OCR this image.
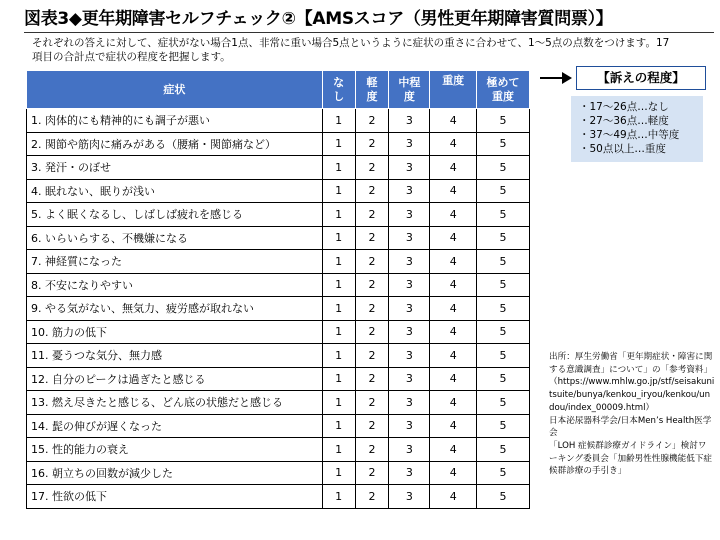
図表3◆更年期障害セルフチェック②【AMSスコア（男性更年期障害質問票）】
それぞれの答えに対して、症状がない場合1点、非常に重い場合5点というように症状の重さに合わせて、1〜5点の点数をつけます。17項目の合計点で症状の程度を把握します。
症状	なし	軽度	中程度	重度	極めて重度

1. 肉体的にも精神的にも調子が悪い	1	2	3	4	5
2. 関節や筋肉に痛みがある（腰痛・関節痛など）	1	2	3	4	5
3. 発汗・のぼせ	1	2	3	4	5
4. 眠れない、眠りが浅い	1	2	3	4	5
5. よく眠くなるし、しばしば疲れを感じる	1	2	3	4	5
6. いらいらする、不機嫌になる	1	2	3	4	5
7. 神経質になった	1	2	3	4	5
8. 不安になりやすい	1	2	3	4	5
9. やる気がない、無気力、疲労感が取れない	1	2	3	4	5
10. 筋力の低下	1	2	3	4	5
11. 憂うつな気分、無力感	1	2	3	4	5
12. 自分のピークは過ぎたと感じる	1	2	3	4	5
13. 燃え尽きたと感じる、どん底の状態だと感じる	1	2	3	4	5
14. 髭の伸びが遅くなった	1	2	3	4	5
15. 性的能力の衰え	1	2	3	4	5
16. 朝立ちの回数が減少した	1	2	3	4	5
17. 性欲の低下	1	2	3	4	5
【訴えの程度】
・17〜26点…なし
・27〜36点…軽度
・37〜49点…中等度
・50点以上…重度
出所：厚生労働省「更年期症状・障害に関する意識調査」について」の「参考資料」
（https://www.mhlw.go.jp/stf/seisakunitsuite/bunya/kenkou_iryou/kenkou/undou/index_00009.html）
日本泌尿器科学会/日本Men’s Health医学会
「LOH 症候群診療ガイドライン」検討ワーキング委員会「加齢男性性腺機能低下症候群診療の手引き」
